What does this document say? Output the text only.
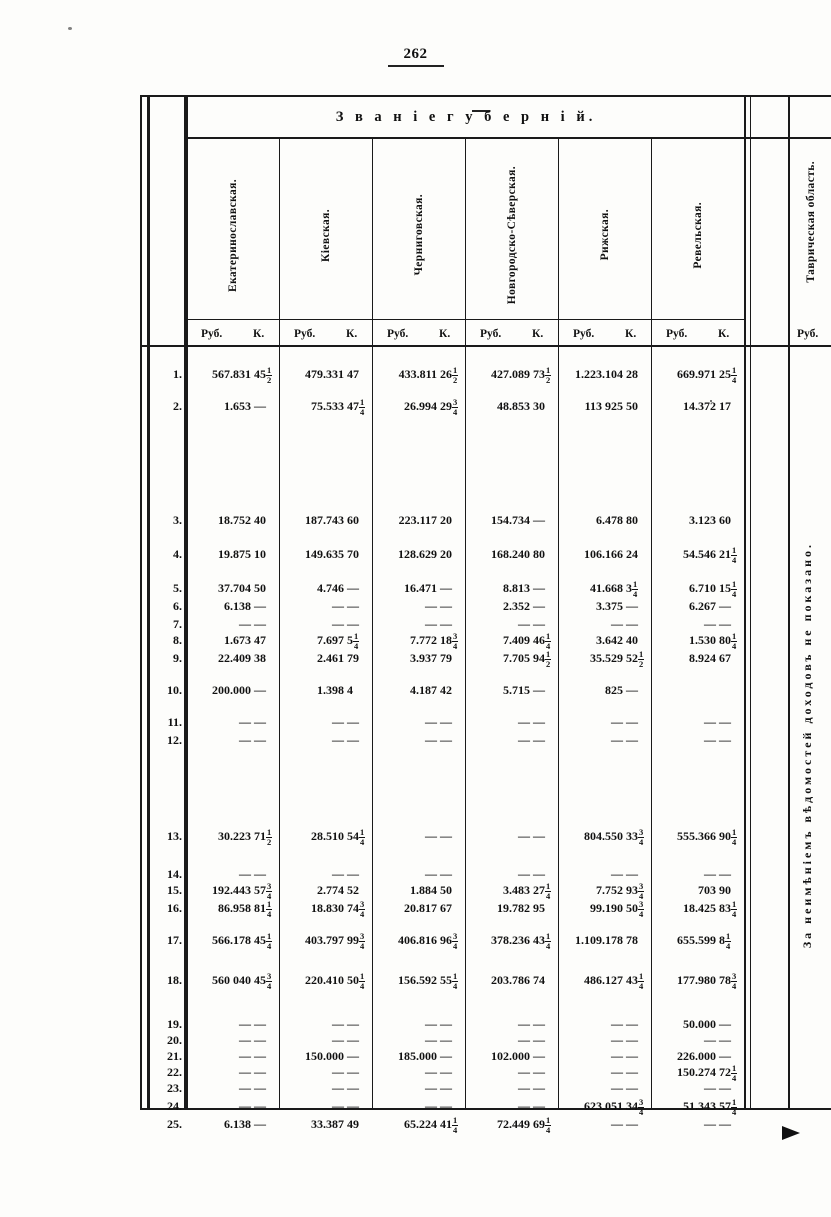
262
З в а н i е г у б е р н i й.
Екатеринославская.	Кiевская.	Черниговская.	Новгородско-Сѣверская.	Рижская.	Ревельская.	Таврическая область.
Руб.	К.	Руб.	К.	Руб.	К.	Руб.	К.	Руб.	К.	Руб.	К.	Руб.
За неимѣнiемъ вѣдомостей доходовъ не показано.
1.	567.831 $45 \frac{1}{2}$	479.331 47	433.811 $26 \frac{1}{2}$	427.089 $73 \frac{1}{2}$	1.223.104 28	669.971 $25 \frac{1}{4}$
2.	1.653 —	75.533 $47 \frac{1}{4}$	26.994 $29 \frac{3}{4}$	48.853 30	113 925 50	14.372 17
3.	18.752 40	187.743 60	223.117 20	154.734 —	6.478 80	3.123 60
4.	19.875 10	149.635 70	128.629 20	168.240 80	106.166 24	54.546 $21 \frac{1}{4}$
5.	37.704 50	4.746 —	16.471 —	8.813 —	41.668 $3 \frac{1}{4}$	6.710 $15 \frac{1}{4}$
6.	6.138 —	— —	— —	2.352 —	3.375 —	6.267 —
7.	— —	— —	— —	— —	— —	— —
8.	1.673 47	7.697 $5 \frac{1}{4}$	7.772 $18 \frac{3}{4}$	7.409 $46 \frac{1}{4}$	3.642 40	1.530 $80 \frac{1}{4}$
9.	22.409 38	2.461 79	3.937 79	7.705 $94 \frac{1}{2}$	35.529 $52 \frac{1}{2}$	8.924 67
10.	200.000 —	1.398 4	4.187 42	5.715 —	825 —
11.	— —	— —	— —	— —	— —	— —
12.	— —	— —	— —	— —	— —	— —
13.	30.223 $71 \frac{1}{2}$	28.510 $54 \frac{1}{4}$	— —	— —	804.550 $33 \frac{3}{4}$	555.366 $90 \frac{1}{4}$
14.	— —	— —	— —	— —	— —	— —
15.	192.443 $57 \frac{3}{4}$	2.774 52	1.884 50	3.483 $27 \frac{1}{4}$	7.752 $93 \frac{3}{4}$	703 90
16.	86.958 $81 \frac{1}{4}$	18.830 $74 \frac{3}{4}$	20.817 67	19.782 95	99.190 $50 \frac{3}{4}$	18.425 $83 \frac{1}{4}$
17.	566.178 $45 \frac{1}{4}$	403.797 $99 \frac{3}{4}$	406.816 $96 \frac{3}{4}$	378.236 $43 \frac{1}{4}$	1.109.178 78	655.599 $8 \frac{1}{4}$
18.	560 040 $45 \frac{3}{4}$	220.410 $50 \frac{1}{4}$	156.592 $55 \frac{1}{4}$	203.786 74	486.127 $43 \frac{1}{4}$	177.980 $78 \frac{3}{4}$
19.	— —	— —	— —	— —	— —	50.000 —
20.	— —	— —	— —	— —	— —	— —
21.	— —	150.000 —	185.000 —	102.000 —	— —	226.000 —
22.	— —	— —	— —	— —	— —	150.274 $72 \frac{1}{4}$
23.	— —	— —	— —	— —	— —	— —
24.	— —	— —	— —	— —	623.051 $34 \frac{3}{4}$	51.343 $57 \frac{1}{4}$
25.	6.138 —	33.387 49	65.224 $41 \frac{1}{4}$	72.449 $69 \frac{1}{4}$	— —	— —
